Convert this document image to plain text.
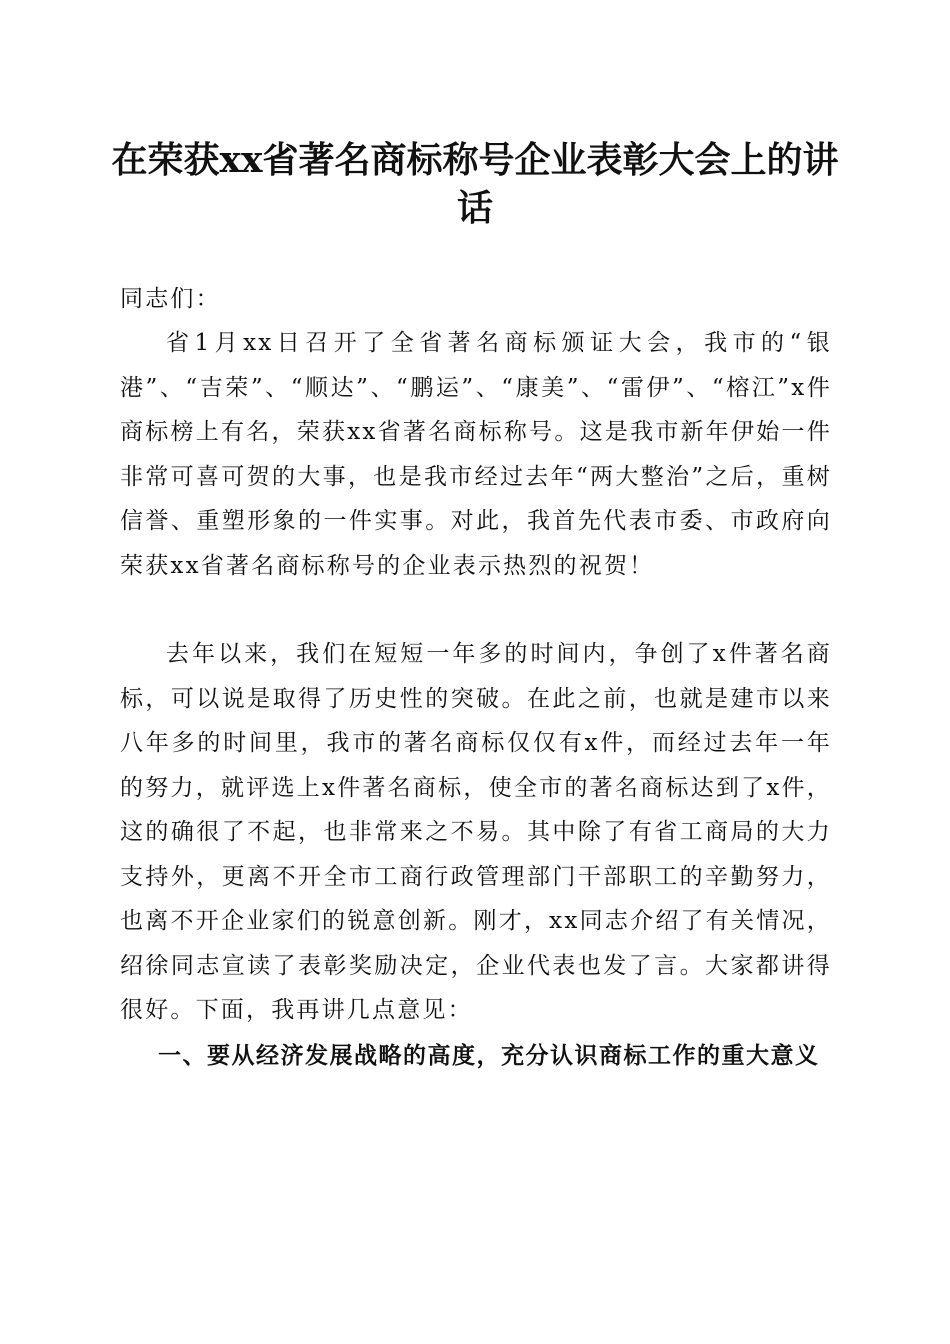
在荣获xx省著名商标称号企业表彰大会上的讲话

同志们：

省1月xx日召开了全省著名商标颁证大会，我市的“银港”、“吉荣”、“顺达”、“鹏运”、“康美”、“雷伊”、“榕江”x件商标榜上有名，荣获xx省著名商标称号。这是我市新年伊始一件非常可喜可贺的大事，也是我市经过去年“两大整治”之后，重树信誉、重塑形象的一件实事。对此，我首先代表市委、市政府向荣获xx省著名商标称号的企业表示热烈的祝贺！

去年以来，我们在短短一年多的时间内，争创了x件著名商标，可以说是取得了历史性的突破。在此之前，也就是建市以来八年多的时间里，我市的著名商标仅仅有x件，而经过去年一年的努力，就评选上x件著名商标，使全市的著名商标达到了x件，这的确很了不起，也非常来之不易。其中除了有省工商局的大力支持外，更离不开全市工商行政管理部门干部职工的辛勤努力，也离不开企业家们的锐意创新。刚才，xx同志介绍了有关情况，绍徐同志宣读了表彰奖励决定，企业代表也发了言。大家都讲得很好。下面，我再讲几点意见：

一、要从经济发展战略的高度，充分认识商标工作的重大意义
